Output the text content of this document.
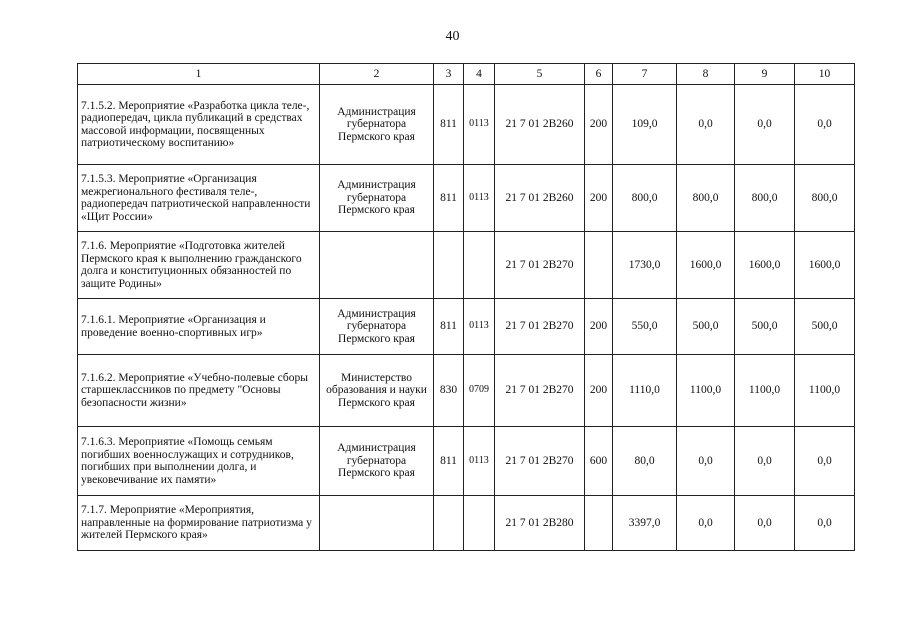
40
1	2	3	4	5	6	7	8	9	10
7.1.5.2. Мероприятие «Разработка цикла теле-, радиопередач, цикла публикаций в средствах массовой информации, посвященных патриотическому воспитанию»	Администрация губернатора Пермского края	811	0113	21 7 01 2В260	200	109,0	0,0	0,0	0,0
7.1.5.3. Мероприятие «Организация межрегионального фестиваля теле-, радиопередач патриотической направленности «Щит России»	Администрация губернатора Пермского края	811	0113	21 7 01 2В260	200	800,0	800,0	800,0	800,0
7.1.6. Мероприятие «Подготовка жителей Пермского края к выполнению гражданского долга и конституционных обязанностей по защите Родины»				21 7 01 2В270		1730,0	1600,0	1600,0	1600,0
7.1.6.1. Мероприятие «Организация и проведение военно-спортивных игр»	Администрация губернатора Пермского края	811	0113	21 7 01 2В270	200	550,0	500,0	500,0	500,0
7.1.6.2. Мероприятие «Учебно-полевые сборы старшеклассников по предмету "Основы безопасности жизни»	Министерство образования и науки Пермского края	830	0709	21 7 01 2В270	200	1110,0	1100,0	1100,0	1100,0
7.1.6.3. Мероприятие «Помощь семьям погибших военнослужащих и сотрудников, погибших при выполнении долга, и увековечивание их памяти»	Администрация губернатора Пермского края	811	0113	21 7 01 2В270	600	80,0	0,0	0,0	0,0
7.1.7. Мероприятие «Мероприятия, направленные на формирование патриотизма у жителей Пермского края»				21 7 01 2В280		3397,0	0,0	0,0	0,0
